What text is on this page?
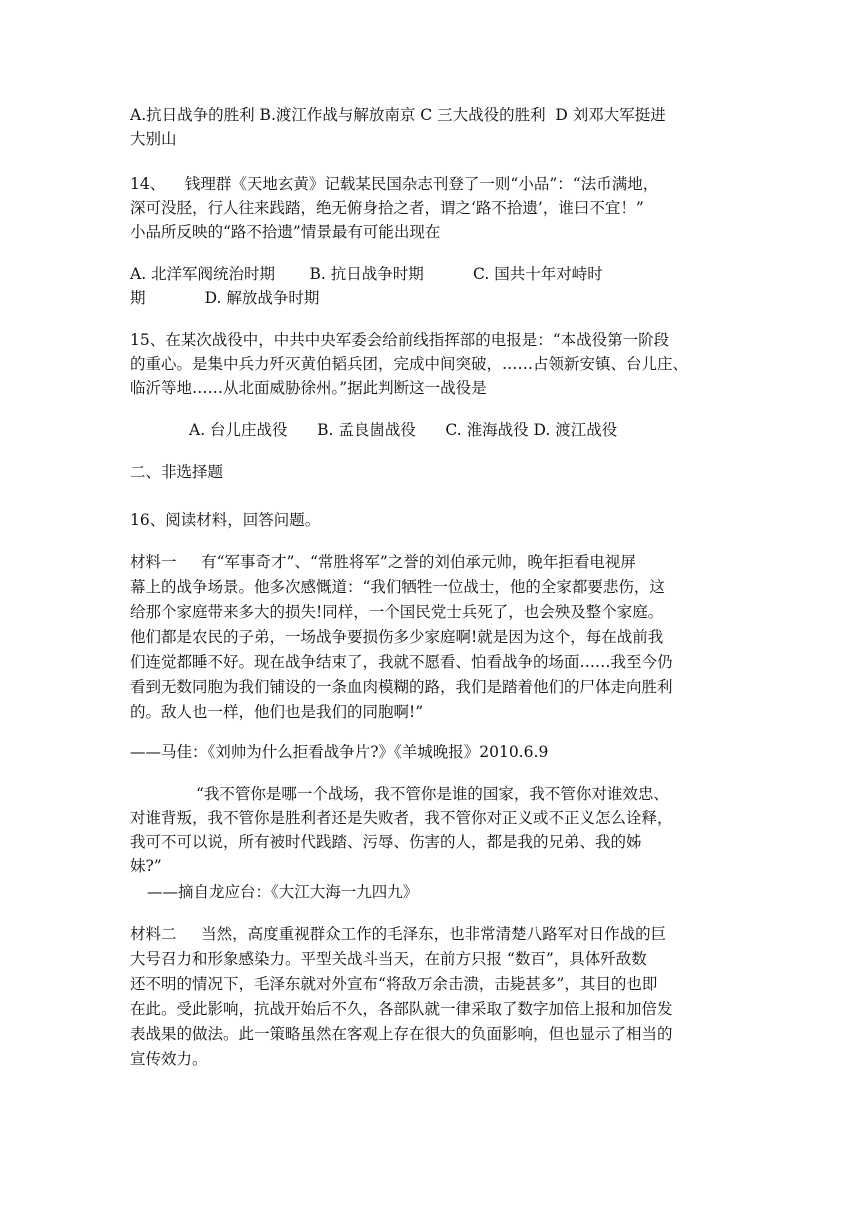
A.抗日战争的胜利 B.渡江作战与解放南京 C 三大战役的胜利  D 刘邓大军挺进
大别山
14、    钱理群《天地玄黄》记载某民国杂志刊登了一则“小品”：“法币满地，
深可没胫，行人往来践踏，绝无俯身拾之者，谓之‘路不拾遗’，谁曰不宜！”
小品所反映的“路不拾遗”情景最有可能出现在
A. 北洋军阀统治时期       B. 抗日战争时期          C. 国共十年对峙时
期            D. 解放战争时期
15、在某次战役中，中共中央军委会给前线指挥部的电报是：“本战役第一阶段
的重心。是集中兵力歼灭黄伯韬兵团，完成中间突破，……占领新安镇、台儿庄、
临沂等地……从北面威胁徐州。”据此判断这一战役是
A. 台儿庄战役      B. 孟良崮战役      C. 淮海战役 D. 渡江战役
二、非选择题
16、阅读材料，回答问题。
材料一     有“军事奇才”、“常胜将军”之誉的刘伯承元帅，晚年拒看电视屏
幕上的战争场景。他多次感慨道：“我们牺牲一位战士，他的全家都要悲伤，这
给那个家庭带来多大的损失!同样，一个国民党士兵死了，也会殃及整个家庭。
他们都是农民的子弟，一场战争要损伤多少家庭啊!就是因为这个，每在战前我
们连觉都睡不好。现在战争结束了，我就不愿看、怕看战争的场面……我至今仍
看到无数同胞为我们铺设的一条血肉模糊的路，我们是踏着他们的尸体走向胜利
的。敌人也一样，他们也是我们的同胞啊!”
——马佳：《刘帅为什么拒看战争片?》《羊城晚报》2010.6.9
“我不管你是哪一个战场，我不管你是谁的国家，我不管你对谁效忠、
对谁背叛，我不管你是胜利者还是失败者，我不管你对正义或不正义怎么诠释，
我可不可以说，所有被时代践踏、污辱、伤害的人，都是我的兄弟、我的姊
妹?”
——摘自龙应台：《大江大海一九四九》
材料二     当然，高度重视群众工作的毛泽东，也非常清楚八路军对日作战的巨
大号召力和形象感染力。平型关战斗当天，在前方只报 “数百”，具体歼敌数
还不明的情况下，毛泽东就对外宣布“将敌万余击溃，击毙甚多”，其目的也即
在此。受此影响，抗战开始后不久，各部队就一律采取了数字加倍上报和加倍发
表战果的做法。此一策略虽然在客观上存在很大的负面影响，但也显示了相当的
宣传效力。
